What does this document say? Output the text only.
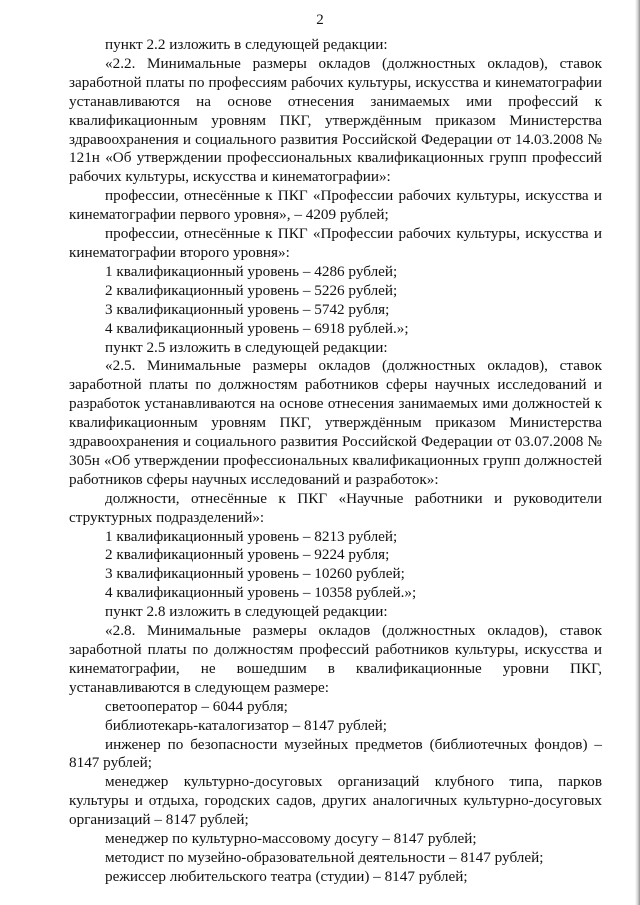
2

пункт 2.2 изложить в следующей редакции:

«2.2. Минимальные размеры окладов (должностных окладов), ставок заработной платы по профессиям рабочих культуры, искусства и кинематографии устанавливаются на основе отнесения занимаемых ими профессий к квалификационным уровням ПКГ, утверждённым приказом Министерства здравоохранения и социального развития Российской Федерации от 14.03.2008 № 121н «Об утверждении профессиональных квалификационных групп профессий рабочих культуры, искусства и кинематографии»:

профессии, отнесённые к ПКГ «Профессии рабочих культуры, искусства и кинематографии первого уровня», – 4209 рублей;

профессии, отнесённые к ПКГ «Профессии рабочих культуры, искусства и кинематографии второго уровня»:

1 квалификационный уровень – 4286 рублей;

2 квалификационный уровень – 5226 рублей;

3 квалификационный уровень – 5742 рубля;

4 квалификационный уровень – 6918 рублей.»;

пункт 2.5 изложить в следующей редакции:

«2.5. Минимальные размеры окладов (должностных окладов), ставок заработной платы по должностям работников сферы научных исследований и разработок устанавливаются на основе отнесения занимаемых ими должностей к квалификационным уровням ПКГ, утверждённым приказом Министерства здравоохранения и социального развития Российской Федерации от 03.07.2008 № 305н «Об утверждении профессиональных квалификационных групп должностей работников сферы научных исследований и разработок»:

должности, отнесённые к ПКГ «Научные работники и руководители структурных подразделений»:

1 квалификационный уровень – 8213 рублей;

2 квалификационный уровень – 9224 рубля;

3 квалификационный уровень – 10260 рублей;

4 квалификационный уровень – 10358 рублей.»;

пункт 2.8 изложить в следующей редакции:

«2.8. Минимальные размеры окладов (должностных окладов), ставок заработной платы по должностям профессий работников культуры, искусства и кинематографии, не вошедшим в квалификационные уровни ПКГ, устанавливаются в следующем размере:

светооператор – 6044 рубля;

библиотекарь-каталогизатор – 8147 рублей;

инженер по безопасности музейных предметов (библиотечных фондов) – 8147 рублей;

менеджер культурно-досуговых организаций клубного типа, парков культуры и отдыха, городских садов, других аналогичных культурно-досуговых организаций – 8147 рублей;

менеджер по культурно-массовому досугу – 8147 рублей;

методист по музейно-образовательной деятельности – 8147 рублей;

режиссер любительского театра (студии) – 8147 рублей;
